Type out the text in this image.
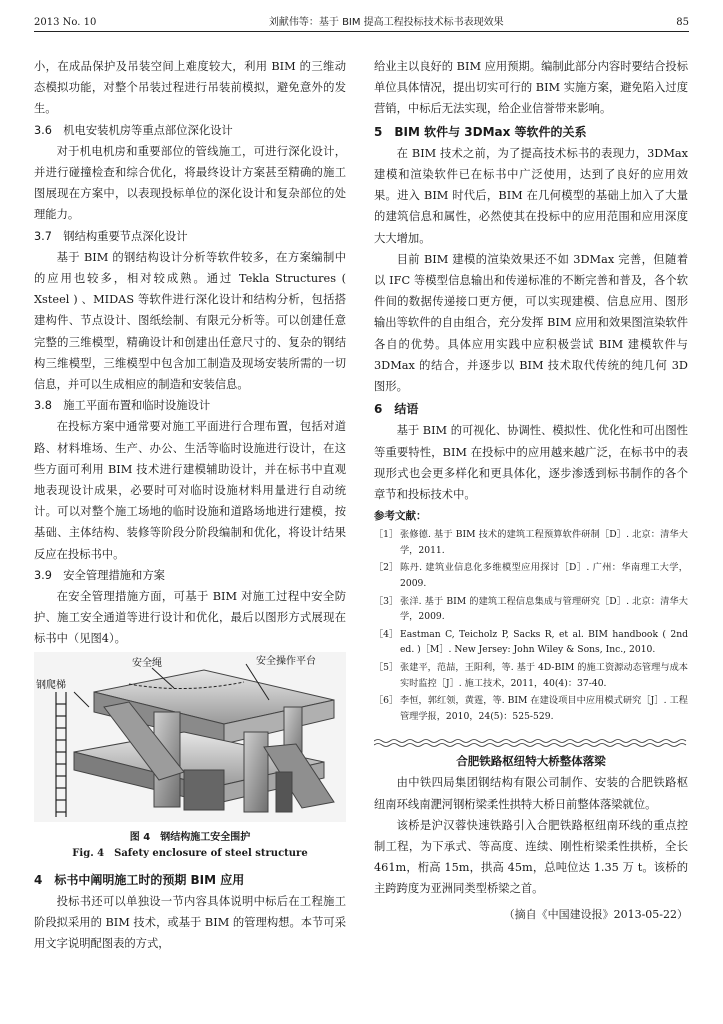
2013 No. 10	刘献伟等：基于 BIM 提高工程投标技术标书表现效果	85

小，在成品保护及吊装空间上难度较大，利用 BIM 的三维动态模拟功能，对整个吊装过程进行吊装前模拟，避免意外的发生。

3.6　机电安装机房等重点部位深化设计

对于机电机房和重要部位的管线施工，可进行深化设计，并进行碰撞检查和综合优化，将最终设计方案甚至精确的施工图展现在方案中，以表现投标单位的深化设计和复杂部位的处理能力。

3.7　钢结构重要节点深化设计

基于 BIM 的钢结构设计分析等软件较多，在方案编制中的应用也较多，相对较成熟。通过 Tekla Structures ( Xsteel ) 、MIDAS 等软件进行深化设计和结构分析，包括搭建构件、节点设计、图纸绘制、有限元分析等。可以创建任意完整的三维模型，精确设计和创建出任意尺寸的、复杂的钢结构三维模型，三维模型中包含加工制造及现场安装所需的一切信息，并可以生成相应的制造和安装信息。

3.8　施工平面布置和临时设施设计

在投标方案中通常要对施工平面进行合理布置，包括对道路、材料堆场、生产、办公、生活等临时设施进行设计，在这些方面可利用 BIM 技术进行建模辅助设计，并在标书中直观地表现设计成果，必要时可对临时设施材料用量进行自动统计。可以对整个施工场地的临时设施和道路场地进行建模，按基础、主体结构、装修等阶段分阶段编制和优化，将设计结果反应在投标书中。

3.9　安全管理措施和方案

在安全管理措施方面，可基于 BIM 对施工过程中安全防护、施工安全通道等进行设计和优化，最后以图形方式展现在标书中（见图4）。

安全绳	安全操作平台
钢爬梯
图 4　钢结构施工安全围护
Fig. 4　Safety enclosure of steel structure
4　标书中阐明施工时的预期 BIM 应用

投标书还可以单独设一节内容具体说明中标后在工程施工阶段拟采用的 BIM 技术，或基于 BIM 的管理构想。本节可采用文字说明配图表的方式，

给业主以良好的 BIM 应用预期。编制此部分内容时要结合投标单位具体情况，提出切实可行的 BIM 实施方案，避免陷入过度营销，中标后无法实现，给企业信誉带来影响。

5　BIM 软件与 3DMax 等软件的关系

在 BIM 技术之前，为了提高技术标书的表现力，3DMax 建模和渲染软件已在标书中广泛使用，达到了良好的应用效果。进入 BIM 时代后，BIM 在几何模型的基础上加入了大量的建筑信息和属性，必然使其在投标中的应用范围和应用深度大大增加。

目前 BIM 建模的渲染效果还不如 3DMax 完善，但随着以 IFC 等模型信息输出和传递标准的不断完善和普及，各个软件间的数据传递接口更方便，可以实现建模、信息应用、图形输出等软件的自由组合，充分发挥 BIM 应用和效果图渲染软件各自的优势。具体应用实践中应积极尝试 BIM 建模软件与 3DMax 的结合，并逐步以 BIM 技术取代传统的纯几何 3D 图形。

6　结语

基于 BIM 的可视化、协调性、模拟性、优化性和可出图性等重要特性，BIM 在投标中的应用越来越广泛，在标书中的表现形式也会更多样化和更具体化，逐步渗透到标书制作的各个章节和投标技术中。

参考文献：
［1］ 张修德. 基于 BIM 技术的建筑工程预算软件研制［D］. 北京：清华大学，2011.
［2］ 陈丹. 建筑业信息化多维模型应用探讨［D］. 广州：华南理工大学，2009.
［3］ 张洋. 基于 BIM 的建筑工程信息集成与管理研究［D］. 北京：清华大学，2009.
［4］ Eastman C, Teicholz P, Sacks R, et al. BIM handbook ( 2nd ed. )［M］. New Jersey: John Wiley & Sons, Inc., 2010.
［5］ 张建平，范喆，王阳利，等. 基于 4D-BIM 的施工资源动态管理与成本实时监控［J］. 施工技术，2011，40(4)：37-40.
［6］ 李恒，郭红领，黄霆，等. BIM 在建设项目中应用模式研究［J］. 工程管理学报，2010，24(5)：525-529.
合肥铁路枢纽特大桥整体落梁

由中铁四局集团钢结构有限公司制作、安装的合肥铁路枢纽南环线南淝河钢桁梁柔性拱特大桥日前整体落梁就位。

该桥是沪汉蓉快速铁路引入合肥铁路枢纽南环线的重点控制工程，为下承式、等高度、连续、刚性桁梁柔性拱桥，全长 461m，桁高 15m，拱高 45m，总吨位达 1.35 万 t。该桥的主跨跨度为亚洲同类型桥梁之首。

（摘自《中国建设报》2013-05-22）
